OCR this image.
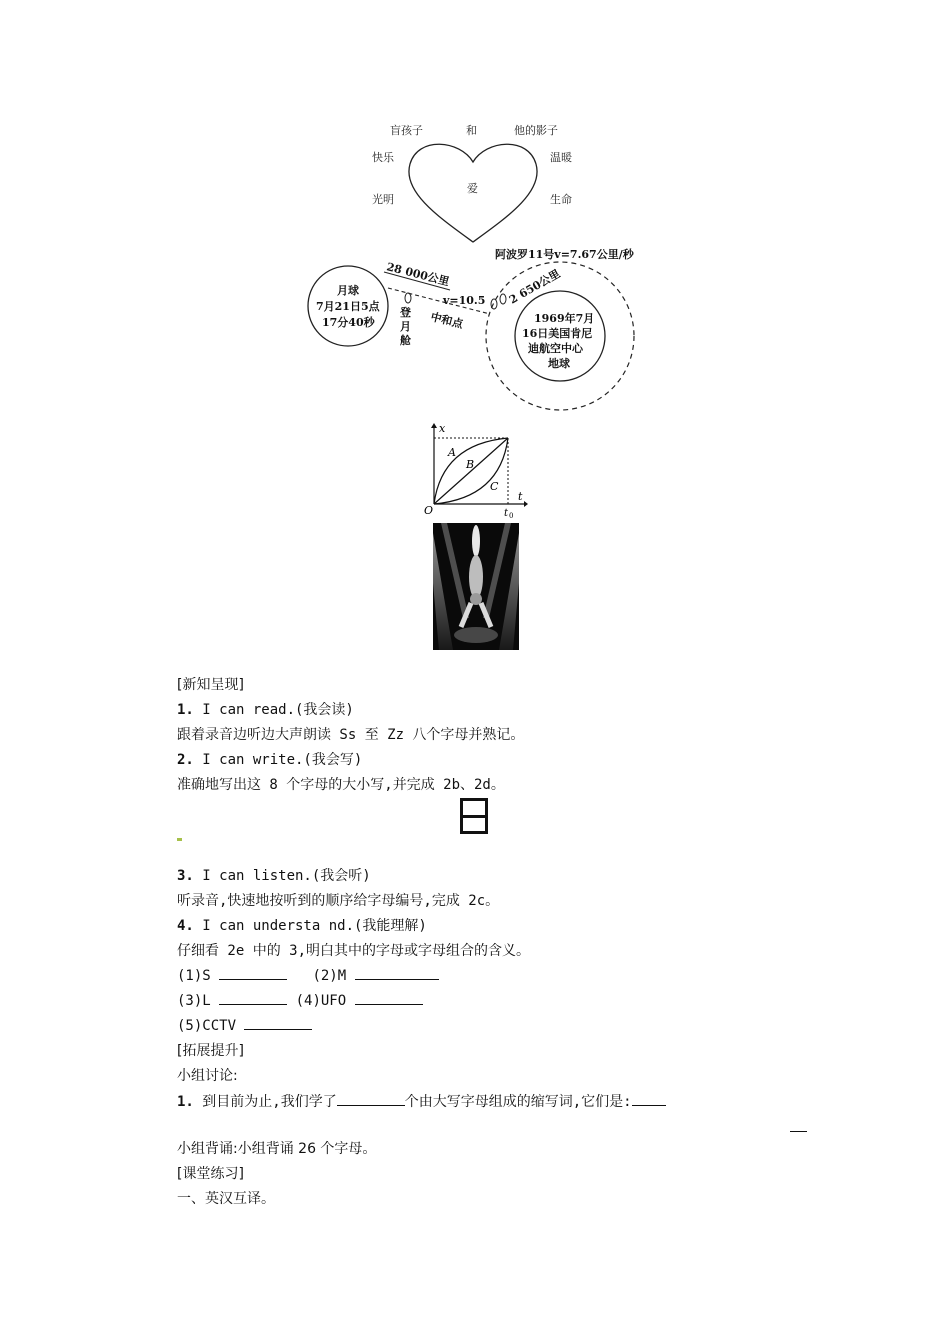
盲孩子	和	他的影子
快乐	温暖
光明	生命
爱
阿波罗11号v=7.67公里/秒
月球
7月21日5点
17分40秒	1969年7月
16日美国肯尼
迪航空中心
地球
28 000公里
v=10.5
登
月
舱
中和点
2 650公里
x
t
O	t 0
A
B
C
[新知呈现]
1. I can read.(我会读)
跟着录音边听边大声朗读 Ss 至 Zz 八个字母并熟记。
2. I can write.(我会写)
准确地写出这 8 个字母的大小写,并完成 2b、2d。
3. I can listen.(我会听)
听录音,快速地按听到的顺序给字母编号,完成 2c。
4. I can understa nd.(我能理解)
仔细看 2e 中的 3,明白其中的字母或字母组合的含义。
(1)S	(2)M
(3)L	(4)UFO
(5)CCTV
[拓展提升]
小组讨论:
1. 到目前为止,我们学了	个由大写字母组成的缩写词,它们是:
小组背诵:小组背诵 26 个字母。
[课堂练习]
一、英汉互译。
